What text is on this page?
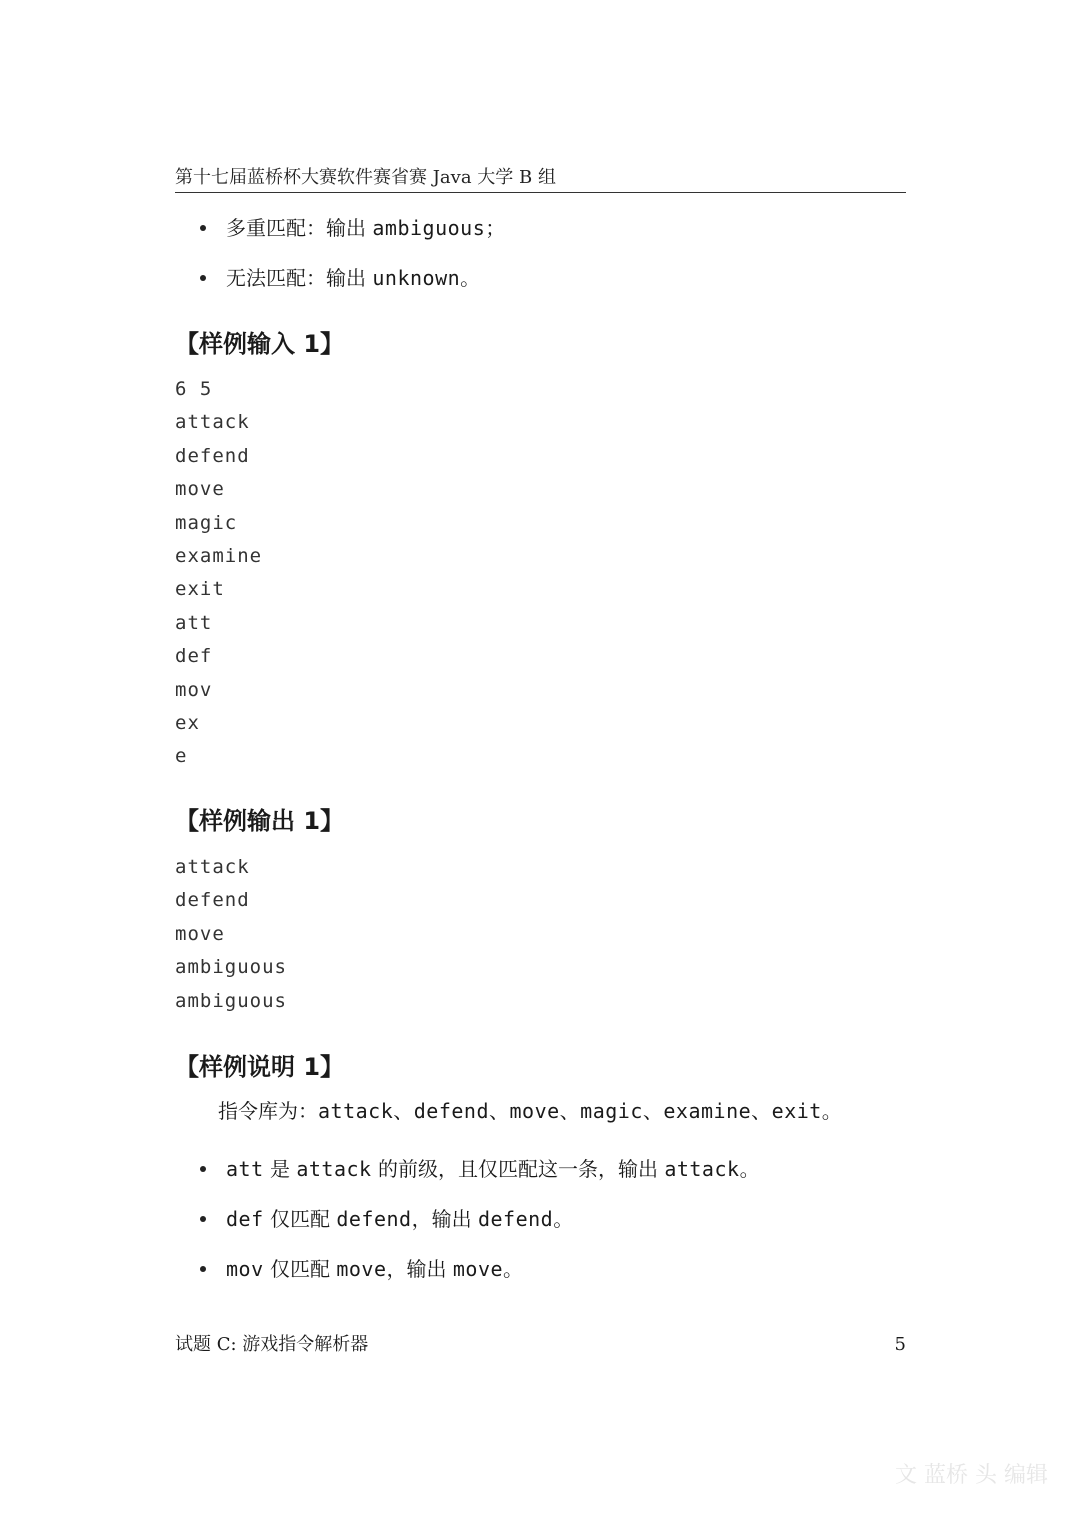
第十七届蓝桥杯大赛软件赛省赛 Java 大学 B 组
多重匹配：输出 ambiguous；
无法匹配：输出 unknown。
【样例输入 1】
6 5
attack
defend
move
magic
examine
exit
att
def
mov
ex
e
【样例输出 1】
attack
defend
move
ambiguous
ambiguous
【样例说明 1】
指令库为：attack、defend、move、magic、examine、exit。
att 是 attack 的前级，且仅匹配这一条，输出 attack。
def 仅匹配 defend，输出 defend。
mov 仅匹配 move，输出 move。
试题 C: 游戏指令解析器	5
文 蓝桥 头 编辑
